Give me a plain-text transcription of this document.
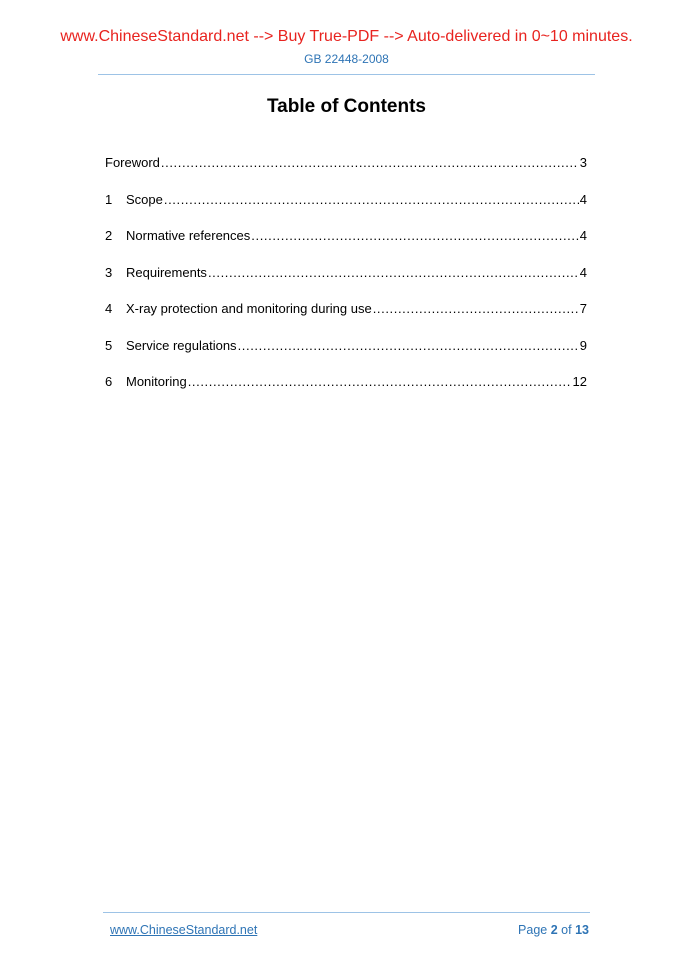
www.ChineseStandard.net --> Buy True-PDF --> Auto-delivered in 0~10 minutes.
GB 22448-2008
Table of Contents
Foreword .....	3
1	Scope .....	4
2	Normative references .....	4
3	Requirements .....	4
4	X-ray protection and monitoring during use .....	7
5	Service regulations .....	9
6	Monitoring .....	12
www.ChineseStandard.net	Page 2 of 13
